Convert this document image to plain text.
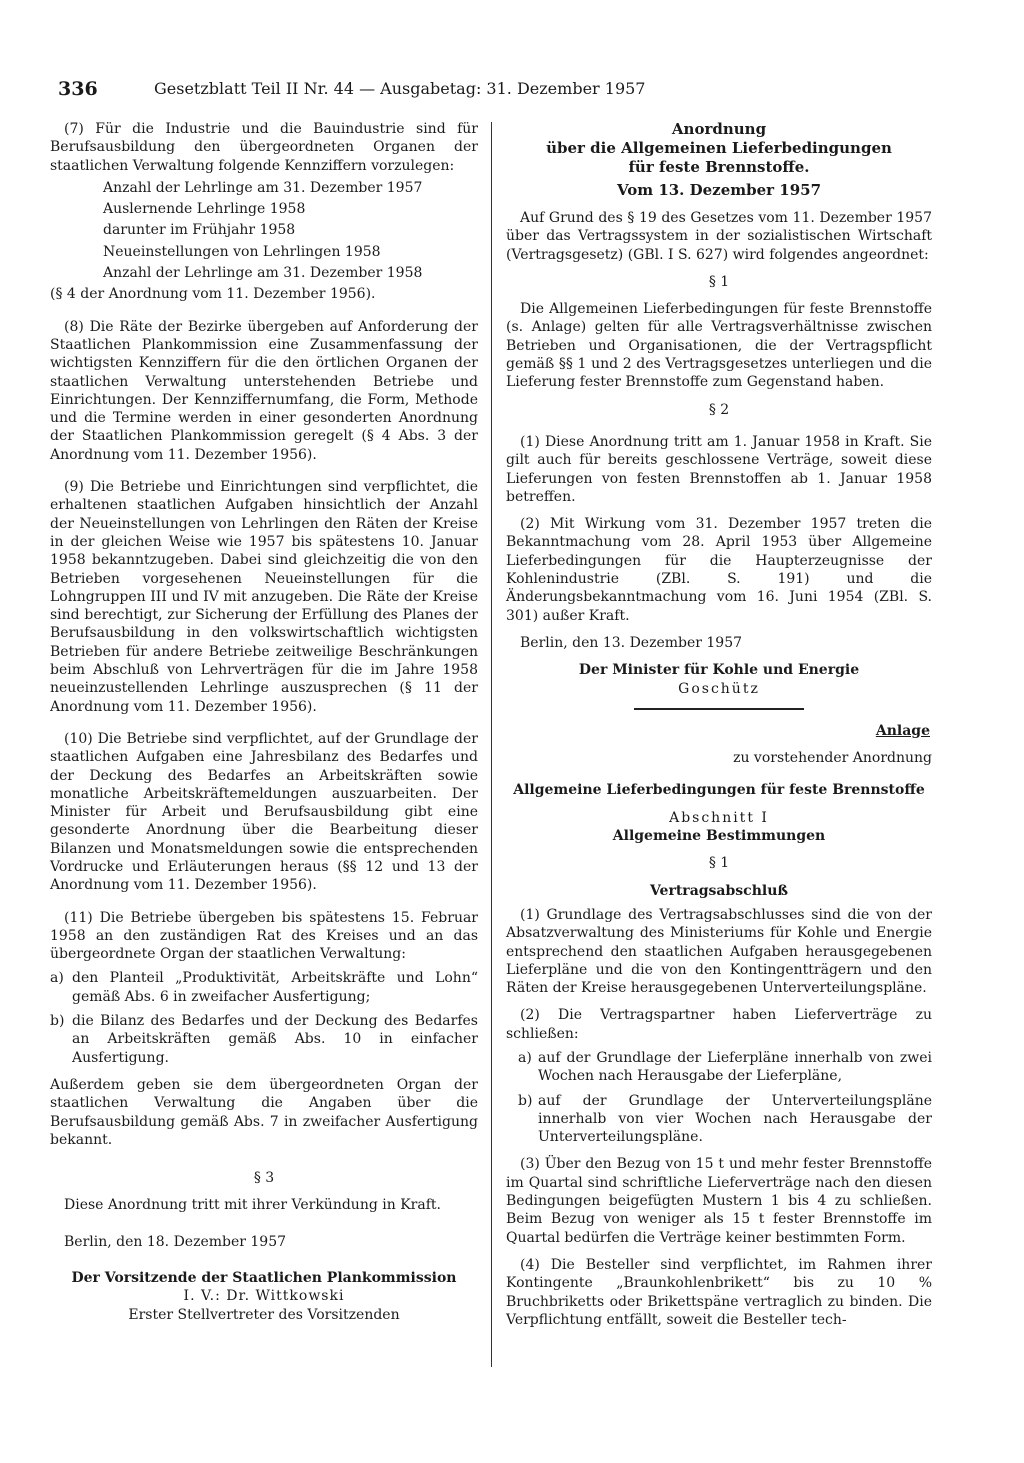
336	Gesetzblatt Teil II Nr. 44 — Ausgabetag: 31. Dezember 1957

(7) Für die Industrie und die Bauindustrie sind für Berufsausbildung den übergeordneten Organen der staatlichen Verwaltung folgende Kennziffern vorzulegen:

Anzahl der Lehrlinge am 31. Dezember 1957
Auslernende Lehrlinge 1958
darunter im Frühjahr 1958
Neueinstellungen von Lehrlingen 1958
Anzahl der Lehrlinge am 31. Dezember 1958

(§ 4 der Anordnung vom 11. Dezember 1956).

(8) Die Räte der Bezirke übergeben auf Anforderung der Staatlichen Plankommission eine Zusammenfassung der wichtigsten Kennziffern für die den örtlichen Organen der staatlichen Verwaltung unterstehenden Betriebe und Einrichtungen. Der Kennziffernumfang, die Form, Methode und die Termine werden in einer gesonderten Anordnung der Staatlichen Plankommission geregelt (§ 4 Abs. 3 der Anordnung vom 11. Dezember 1956).

(9) Die Betriebe und Einrichtungen sind verpflichtet, die erhaltenen staatlichen Aufgaben hinsichtlich der Anzahl der Neueinstellungen von Lehrlingen den Räten der Kreise in der gleichen Weise wie 1957 bis spätestens 10. Januar 1958 bekanntzugeben. Dabei sind gleichzeitig die von den Betrieben vorgesehenen Neueinstellungen für die Lohngruppen III und IV mit anzugeben. Die Räte der Kreise sind berechtigt, zur Sicherung der Erfüllung des Planes der Berufsausbildung in den volkswirtschaftlich wichtigsten Betrieben für andere Betriebe zeitweilige Beschränkungen beim Abschluß von Lehrverträgen für die im Jahre 1958 neueinzustellenden Lehrlinge auszusprechen (§ 11 der Anordnung vom 11. Dezember 1956).

(10) Die Betriebe sind verpflichtet, auf der Grundlage der staatlichen Aufgaben eine Jahresbilanz des Bedarfes und der Deckung des Bedarfes an Arbeitskräften sowie monatliche Arbeitskräftemeldungen auszuarbeiten. Der Minister für Arbeit und Berufsausbildung gibt eine gesonderte Anordnung über die Bearbeitung dieser Bilanzen und Monatsmeldungen sowie die entsprechenden Vordrucke und Erläuterungen heraus (§§ 12 und 13 der Anordnung vom 11. Dezember 1956).

(11) Die Betriebe übergeben bis spätestens 15. Februar 1958 an den zuständigen Rat des Kreises und an das übergeordnete Organ der staatlichen Verwaltung:

a) den Planteil „Produktivität, Arbeitskräfte und Lohn“ gemäß Abs. 6 in zweifacher Ausfertigung;
b) die Bilanz des Bedarfes und der Deckung des Bedarfes an Arbeitskräften gemäß Abs. 10 in einfacher Ausfertigung.

Außerdem geben sie dem übergeordneten Organ der staatlichen Verwaltung die Angaben über die Berufsausbildung gemäß Abs. 7 in zweifacher Ausfertigung bekannt.

§ 3

Diese Anordnung tritt mit ihrer Verkündung in Kraft.

Berlin, den 18. Dezember 1957

Der Vorsitzende der Staatlichen Plankommission

I. V.: Dr. Wittkowski

Erster Stellvertreter des Vorsitzenden

Anordnung

über die Allgemeinen Lieferbedingungen

für feste Brennstoffe.

Vom 13. Dezember 1957

Auf Grund des § 19 des Gesetzes vom 11. Dezember 1957 über das Vertragssystem in der sozialistischen Wirtschaft (Vertragsgesetz) (GBl. I S. 627) wird folgendes angeordnet:

§ 1

Die Allgemeinen Lieferbedingungen für feste Brennstoffe (s. Anlage) gelten für alle Vertragsverhältnisse zwischen Betrieben und Organisationen, die der Vertragspflicht gemäß §§ 1 und 2 des Vertragsgesetzes unterliegen und die Lieferung fester Brennstoffe zum Gegenstand haben.

§ 2

(1) Diese Anordnung tritt am 1. Januar 1958 in Kraft. Sie gilt auch für bereits geschlossene Verträge, soweit diese Lieferungen von festen Brennstoffen ab 1. Januar 1958 betreffen.

(2) Mit Wirkung vom 31. Dezember 1957 treten die Bekanntmachung vom 28. April 1953 über Allgemeine Lieferbedingungen für die Haupterzeugnisse der Kohlenindustrie (ZBl. S. 191) und die Änderungsbekanntmachung vom 16. Juni 1954 (ZBl. S. 301) außer Kraft.

Berlin, den 13. Dezember 1957

Der Minister für Kohle und Energie

Goschütz

Anlage

zu vorstehender Anordnung

Allgemeine Lieferbedingungen für feste Brennstoffe

Abschnitt I

Allgemeine Bestimmungen

§ 1

Vertragsabschluß

(1) Grundlage des Vertragsabschlusses sind die von der Absatzverwaltung des Ministeriums für Kohle und Energie entsprechend den staatlichen Aufgaben herausgegebenen Lieferpläne und die von den Kontingentträgern und den Räten der Kreise herausgegebenen Unterverteilungspläne.

(2) Die Vertragspartner haben Lieferverträge zu schließen:

a) auf der Grundlage der Lieferpläne innerhalb von zwei Wochen nach Herausgabe der Lieferpläne,
b) auf der Grundlage der Unterverteilungspläne innerhalb von vier Wochen nach Herausgabe der Unterverteilungspläne.

(3) Über den Bezug von 15 t und mehr fester Brennstoffe im Quartal sind schriftliche Lieferverträge nach den diesen Bedingungen beigefügten Mustern 1 bis 4 zu schließen. Beim Bezug von weniger als 15 t fester Brennstoffe im Quartal bedürfen die Verträge keiner bestimmten Form.

(4) Die Besteller sind verpflichtet, im Rahmen ihrer Kontingente „Braunkohlenbrikett“ bis zu 10 % Bruchbriketts oder Brikettspäne vertraglich zu binden. Die Verpflichtung entfällt, soweit die Besteller tech-
